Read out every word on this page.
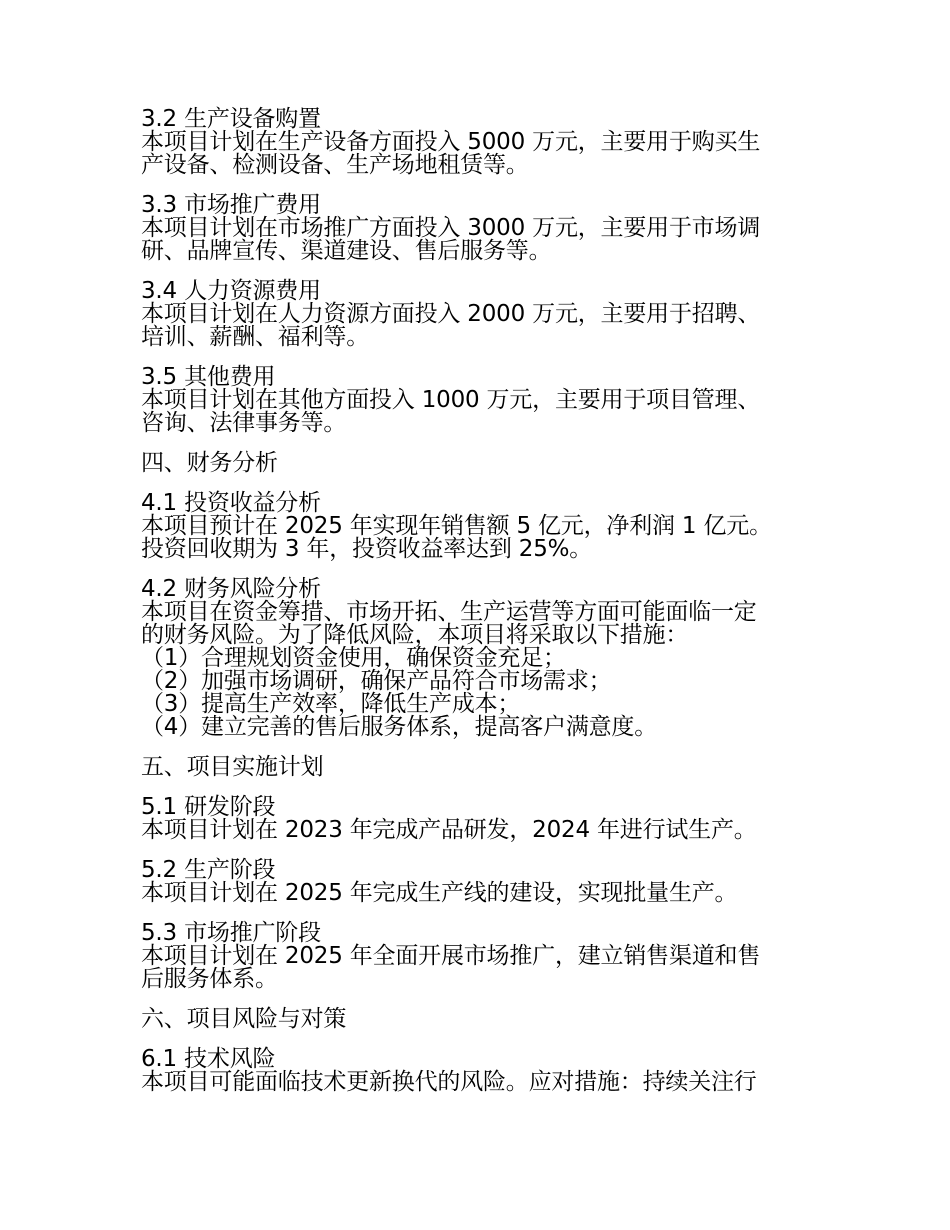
3.2 生产设备购置
本项目计划在生产设备方面投入 5000 万元，主要用于购买生
产设备、检测设备、生产场地租赁等。
3.3 市场推广费用
本项目计划在市场推广方面投入 3000 万元，主要用于市场调
研、品牌宣传、渠道建设、售后服务等。
3.4 人力资源费用
本项目计划在人力资源方面投入 2000 万元，主要用于招聘、
培训、薪酬、福利等。
3.5 其他费用
本项目计划在其他方面投入 1000 万元，主要用于项目管理、
咨询、法律事务等。
四、财务分析
4.1 投资收益分析
本项目预计在 2025 年实现年销售额 5 亿元，净利润 1 亿元。
投资回收期为 3 年，投资收益率达到 25%。
4.2 财务风险分析
本项目在资金筹措、市场开拓、生产运营等方面可能面临一定
的财务风险。为了降低风险，本项目将采取以下措施：
（1）合理规划资金使用，确保资金充足；
（2）加强市场调研，确保产品符合市场需求；
（3）提高生产效率，降低生产成本；
（4）建立完善的售后服务体系，提高客户满意度。
五、项目实施计划
5.1 研发阶段
本项目计划在 2023 年完成产品研发，2024 年进行试生产。
5.2 生产阶段
本项目计划在 2025 年完成生产线的建设，实现批量生产。
5.3 市场推广阶段
本项目计划在 2025 年全面开展市场推广，建立销售渠道和售
后服务体系。
六、项目风险与对策
6.1 技术风险
本项目可能面临技术更新换代的风险。应对措施：持续关注行
